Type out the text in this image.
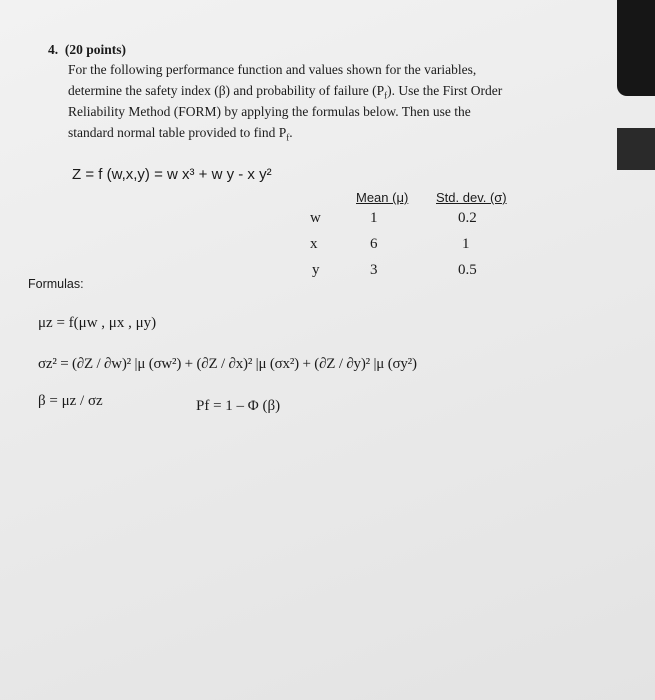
4. (20 points)
For the following performance function and values shown for the variables,
determine the safety index (β) and probability of failure $(P_f)$. Use the First Order
Reliability Method (FORM) by applying the formulas below. Then use the
standard normal table provided to find $P_f$.
Z = f (w,x,y) = w x³ + w y - x y²
Mean (μ) Std. dev. (σ)
w	1	0.2
x	6	1
y	3	0.5
Formulas:
μz = f(μw , μx , μy)
σz² = (∂Z / ∂w)² |μ (σw²) + (∂Z / ∂x)² |μ (σx²) + (∂Z / ∂y)² |μ (σy²)
β = μz / σz	Pf = 1 – Φ (β)
